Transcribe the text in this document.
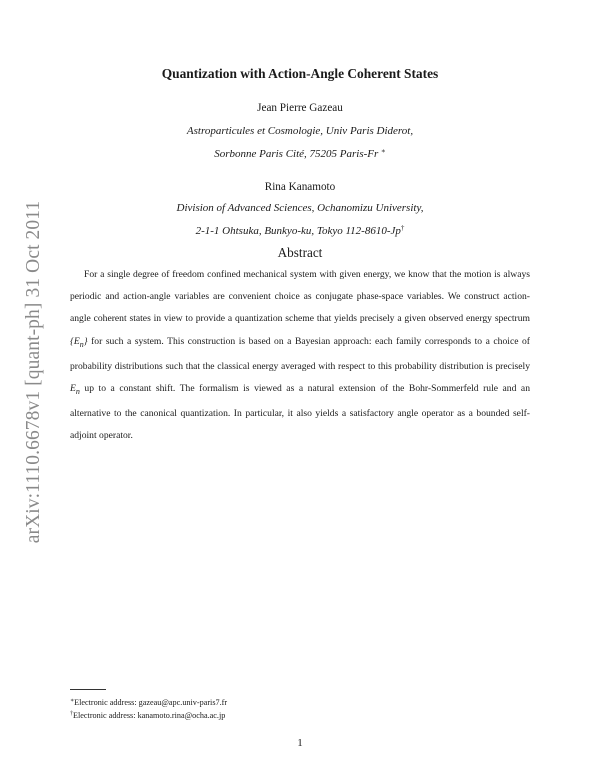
arXiv:1110.6678v1 [quant-ph] 31 Oct 2011
Quantization with Action-Angle Coherent States
Jean Pierre Gazeau
Astroparticules et Cosmologie, Univ Paris Diderot,
Sorbonne Paris Cité, 75205 Paris-Fr ∗
Rina Kanamoto
Division of Advanced Sciences, Ochanomizu University,
2-1-1 Ohtsuka, Bunkyo-ku, Tokyo 112-8610-Jp†
Abstract

For a single degree of freedom confined mechanical system with given energy, we know that the motion is always periodic and action-angle variables are convenient choice as conjugate phase-space variables. We construct action-angle coherent states in view to provide a quantization scheme that yields precisely a given observed energy spectrum $\{E_n\}$ for such a system. This construction is based on a Bayesian approach: each family corresponds to a choice of probability distributions such that the classical energy averaged with respect to this probability distribution is precisely $E_n$ up to a constant shift. The formalism is viewed as a natural extension of the Bohr-Sommerfeld rule and an alternative to the canonical quantization. In particular, it also yields a satisfactory angle operator as a bounded self-adjoint operator.

∗Electronic address: gazeau@apc.univ-paris7.fr
†Electronic address: kanamoto.rina@ocha.ac.jp
1
